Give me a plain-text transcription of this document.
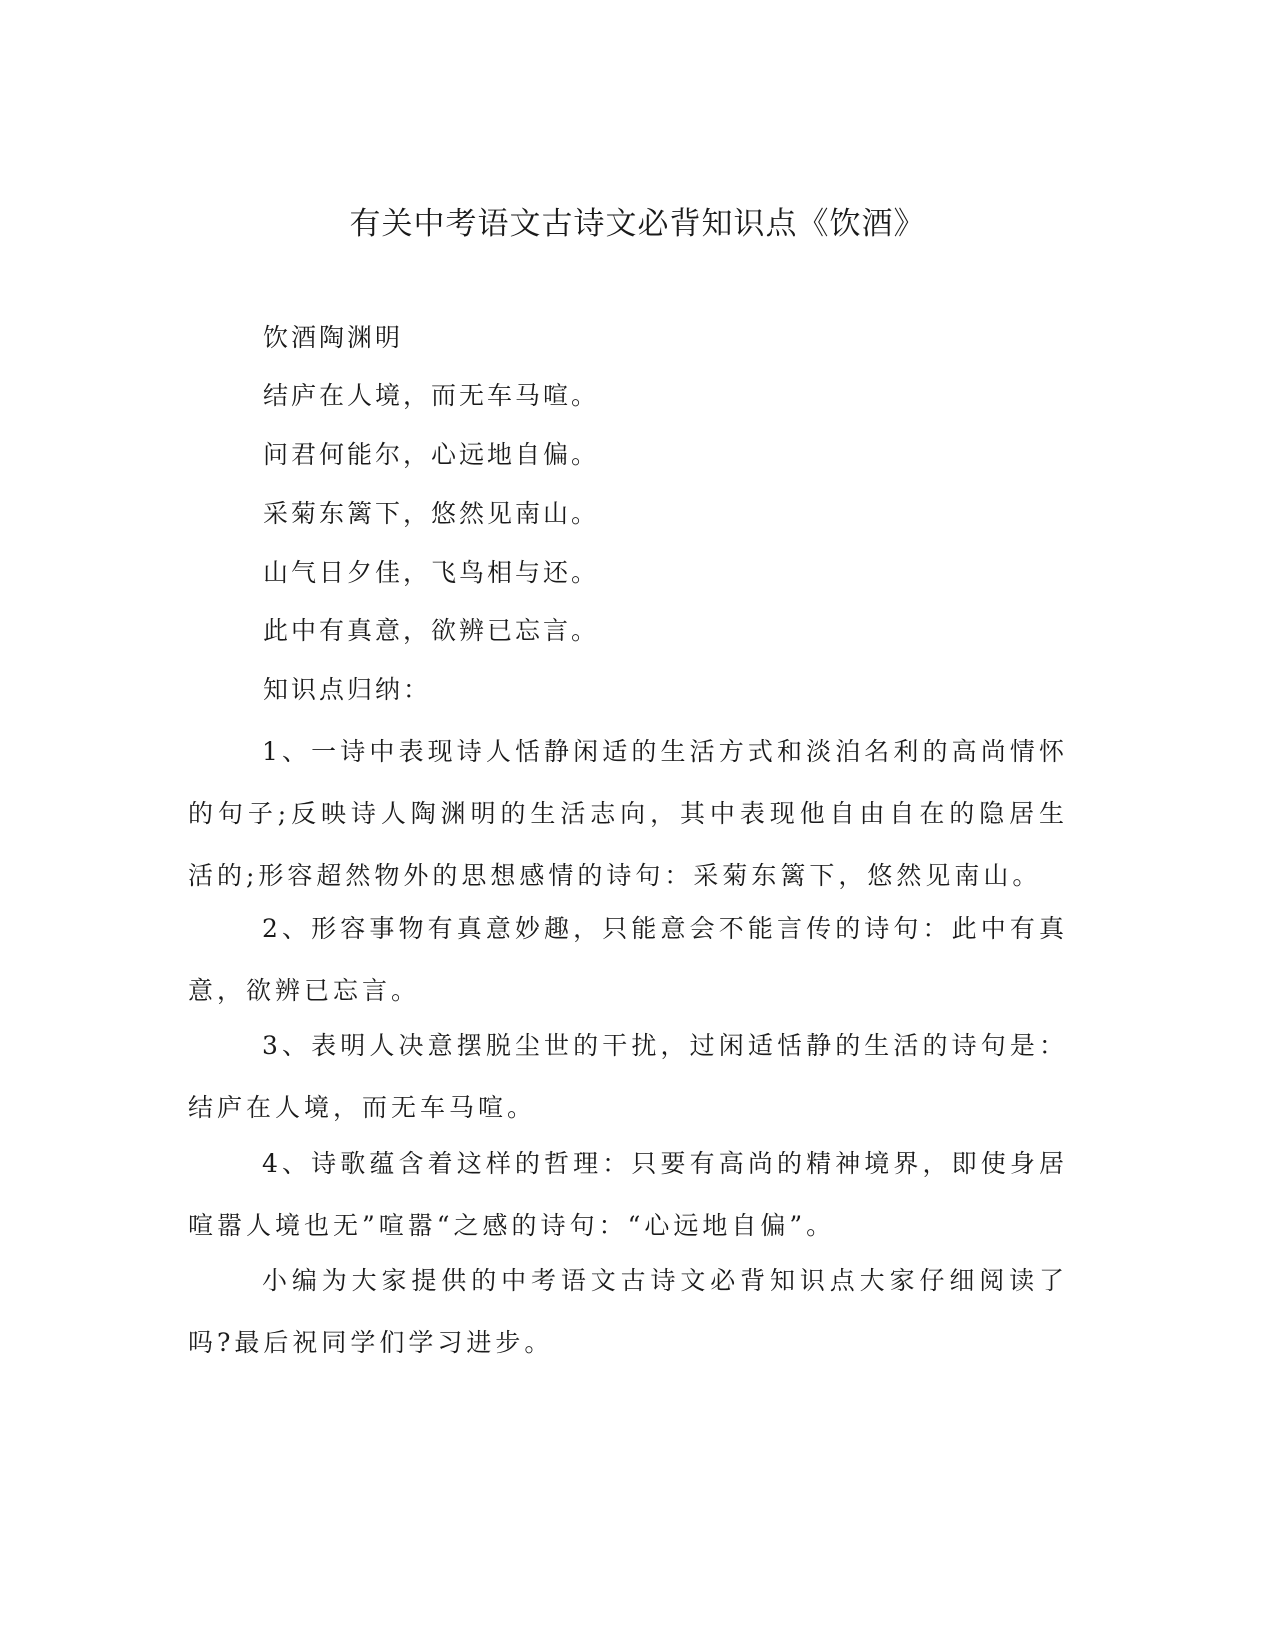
有关中考语文古诗文必背知识点《饮酒》
饮酒陶渊明
结庐在人境，而无车马喧。
问君何能尔，心远地自偏。
采菊东篱下，悠然见南山。
山气日夕佳，飞鸟相与还。
此中有真意，欲辨已忘言。
知识点归纳：
1、一诗中表现诗人恬静闲适的生活方式和淡泊名利的高尚情怀的句子;反映诗人陶渊明的生活志向，其中表现他自由自在的隐居生活的;形容超然物外的思想感情的诗句：采菊东篱下，悠然见南山。
2、形容事物有真意妙趣，只能意会不能言传的诗句：此中有真意，欲辨已忘言。
3、表明人决意摆脱尘世的干扰，过闲适恬静的生活的诗句是：结庐在人境，而无车马喧。
4、诗歌蕴含着这样的哲理：只要有高尚的精神境界，即使身居喧嚣人境也无”喧嚣“之感的诗句：“心远地自偏”。
小编为大家提供的中考语文古诗文必背知识点大家仔细阅读了吗?最后祝同学们学习进步。
